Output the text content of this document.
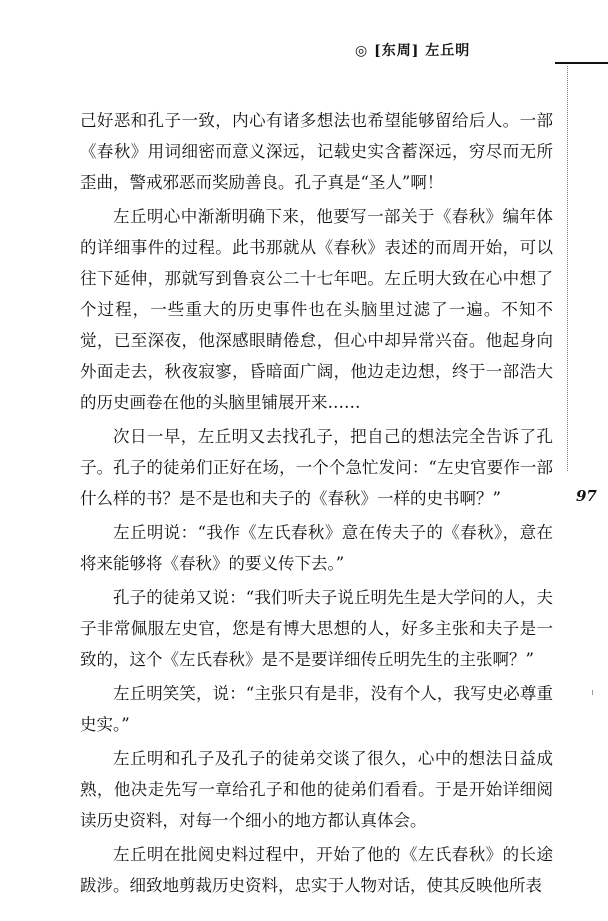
◎ [东周] 左丘明
97

己好恶和孔子一致，内心有诸多想法也希望能够留给后人。一部《春秋》用词细密而意义深远，记载史实含蓄深远，穷尽而无所歪曲，警戒邪恶而奖励善良。孔子真是“圣人”啊！

左丘明心中渐渐明确下来，他要写一部关于《春秋》编年体的详细事件的过程。此书那就从《春秋》表述的而周开始，可以往下延伸，那就写到鲁哀公二十七年吧。左丘明大致在心中想了个过程，一些重大的历史事件也在头脑里过滤了一遍。不知不觉，已至深夜，他深感眼睛倦怠，但心中却异常兴奋。他起身向外面走去，秋夜寂寥，昏暗面广阔，他边走边想，终于一部浩大的历史画卷在他的头脑里铺展开来……

次日一早，左丘明又去找孔子，把自己的想法完全告诉了孔子。孔子的徒弟们正好在场，一个个急忙发问：“左史官要作一部什么样的书？是不是也和夫子的《春秋》一样的史书啊？”

左丘明说：“我作《左氏春秋》意在传夫子的《春秋》，意在将来能够将《春秋》的要义传下去。”

孔子的徒弟又说：“我们听夫子说丘明先生是大学问的人，夫子非常佩服左史官，您是有博大思想的人，好多主张和夫子是一致的，这个《左氏春秋》是不是要详细传丘明先生的主张啊？”

左丘明笑笑，说：“主张只有是非，没有个人，我写史必尊重史实。”

左丘明和孔子及孔子的徒弟交谈了很久，心中的想法日益成熟，他决走先写一章给孔子和他的徒弟们看看。于是开始详细阅读历史资料，对每一个细小的地方都认真体会。

左丘明在批阅史料过程中，开始了他的《左氏春秋》的长途跋涉。细致地剪裁历史资料，忠实于人物对话，使其反映他所表
